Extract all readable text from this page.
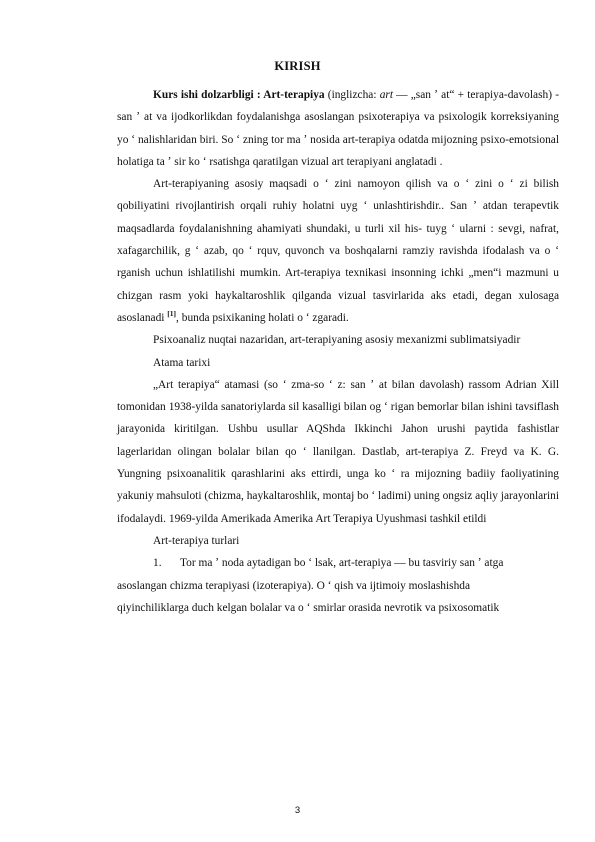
KIRISH

Kurs ishi dolzarbligi : Art-terapiya (inglizcha: art — „san ʼ at“ + terapiya-davolash) - san ʼ at va ijodkorlikdan foydalanishga asoslangan psixoterapiya va psixologik korreksiyaning yo ʻ nalishlaridan biri. So ʻ zning tor ma ʼ nosida art-terapiya odatda mijozning psixo-emotsional holatiga ta ʼ sir ko ʻ rsatishga qaratilgan vizual art terapiyani anglatadi .

Art-terapiyaning asosiy maqsadi o ʻ zini namoyon qilish va o ʻ zini o ʻ zi bilish qobiliyatini rivojlantirish orqali ruhiy holatni uyg ʻ unlashtirishdir.. San ʼ atdan terapevtik maqsadlarda foydalanishning ahamiyati shundaki, u turli xil his- tuyg ʻ ularni : sevgi, nafrat, xafagarchilik, g ʻ azab, qo ʻ rquv, quvonch va boshqalarni ramziy ravishda ifodalash va o ʻ rganish uchun ishlatilishi mumkin. Art-terapiya texnikasi insonning ichki „men“i mazmuni u chizgan rasm yoki haykaltaroshlik qilganda vizual tasvirlarida aks etadi, degan xulosaga asoslanadi [1], bunda psixikaning holati o ʻ zgaradi.

Psixoanaliz nuqtai nazaridan, art-terapiyaning asosiy mexanizmi sublimatsiyadir

Atama tarixi

„Art terapiya“ atamasi (so ʻ zma-so ʻ z: san ʼ at bilan davolash) rassom Adrian Xill tomonidan 1938-yilda sanatoriylarda sil kasalligi bilan og ʻ rigan bemorlar bilan ishini tavsiflash jarayonida kiritilgan. Ushbu usullar AQShda Ikkinchi Jahon urushi paytida fashistlar lagerlaridan olingan bolalar bilan qo ʻ llanilgan. Dastlab, art-terapiya Z. Freyd va K. G. Yungning psixoanalitik qarashlarini aks ettirdi, unga ko ʻ ra mijozning badiiy faoliyatining yakuniy mahsuloti (chizma, haykaltaroshlik, montaj bo ʻ ladimi) uning ongsiz aqliy jarayonlarini ifodalaydi. 1969-yilda Amerikada Amerika Art Terapiya Uyushmasi tashkil etildi

Art-terapiya turlari

1. Tor ma ʼ noda aytadigan bo ʻ lsak, art-terapiya — bu tasviriy san ʼ atga

asoslangan chizma terapiyasi (izoterapiya). O ʻ qish va ijtimoiy moslashishda

qiyinchiliklarga duch kelgan bolalar va o ʻ smirlar orasida nevrotik va psixosomatik

3
